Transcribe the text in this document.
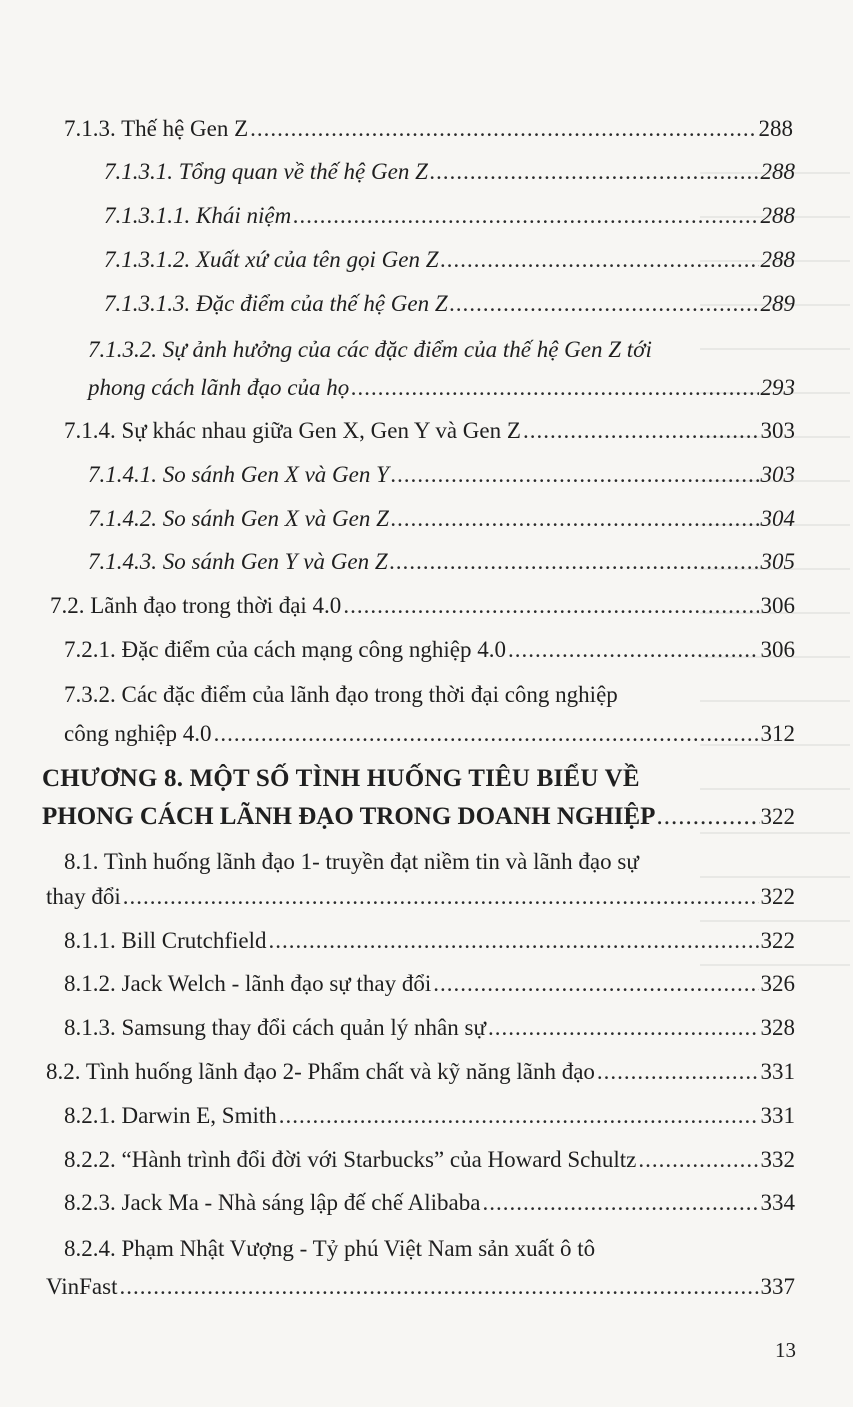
7.1.3. Thế hệ Gen Z .....	288
7.1.3.1. Tổng quan về thế hệ Gen Z .....	288
7.1.3.1.1. Khái niệm .....	288
7.1.3.1.2. Xuất xứ của tên gọi Gen Z .....	288
7.1.3.1.3. Đặc điểm của thế hệ Gen Z .....	289
7.1.3.2. Sự ảnh hưởng của các đặc điểm của thế hệ Gen Z tới
phong cách lãnh đạo của họ .....	293
7.1.4. Sự khác nhau giữa Gen X, Gen Y và Gen Z .....	303
7.1.4.1. So sánh Gen X và Gen Y .....	303
7.1.4.2. So sánh Gen X và Gen Z .....	304
7.1.4.3. So sánh Gen Y và Gen Z .....	305
7.2. Lãnh đạo trong thời đại 4.0 .....	306
7.2.1. Đặc điểm của cách mạng công nghiệp 4.0 .....	306
7.3.2. Các đặc điểm của lãnh đạo trong thời đại công nghiệp
công nghiệp 4.0 .....	312
CHƯƠNG 8. MỘT SỐ TÌNH HUỐNG TIÊU BIỂU VỀ
PHONG CÁCH LÃNH ĐẠO TRONG DOANH NGHIỆP .....	322
8.1. Tình huống lãnh đạo 1- truyền đạt niềm tin và lãnh đạo sự
thay đổi .....	322
8.1.1. Bill Crutchfield .....	322
8.1.2. Jack Welch - lãnh đạo sự thay đổi .....	326
8.1.3. Samsung thay đổi cách quản lý nhân sự .....	328
8.2. Tình huống lãnh đạo 2- Phẩm chất và kỹ năng lãnh đạo .....	331
8.2.1. Darwin E, Smith .....	331
8.2.2. “Hành trình đổi đời với Starbucks” của Howard Schultz .....	332
8.2.3. Jack Ma - Nhà sáng lập đế chế Alibaba .....	334
8.2.4. Phạm Nhật Vượng - Tỷ phú Việt Nam sản xuất ô tô
VinFast .....	337
13
